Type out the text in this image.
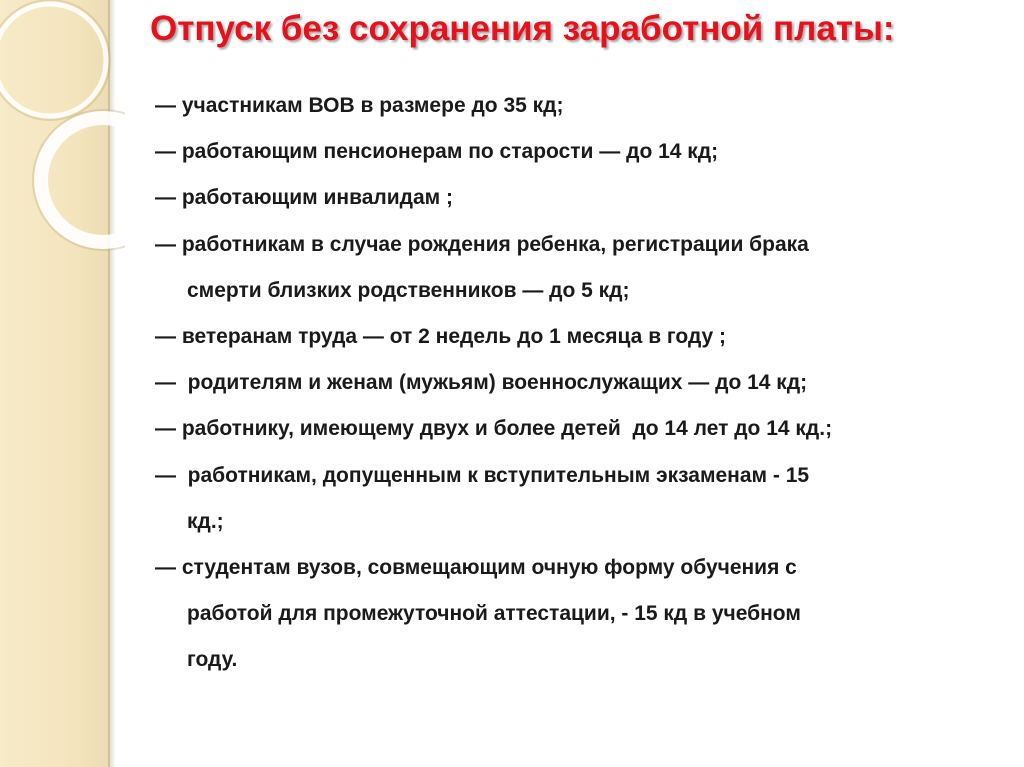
Отпуск без сохранения заработной платы:
— участникам ВОВ в размере до 35 кд;
— работающим пенсионерам по старости — до 14 кд;
— работающим инвалидам ;
— работникам в случае рождения ребенка, регистрации брака
смерти близких родственников — до 5 кд;
— ветеранам труда — от 2 недель до 1 месяца в году ;
—  родителям и женам (мужьям) военнослужащих — до 14 кд;
— работнику, имеющему двух и более детей  до 14 лет до 14 кд.;
—  работникам, допущенным к вступительным экзаменам - 15
кд.;
— студентам вузов, совмещающим очную форму обучения с
работой для промежуточной аттестации, - 15 кд в учебном
году.
